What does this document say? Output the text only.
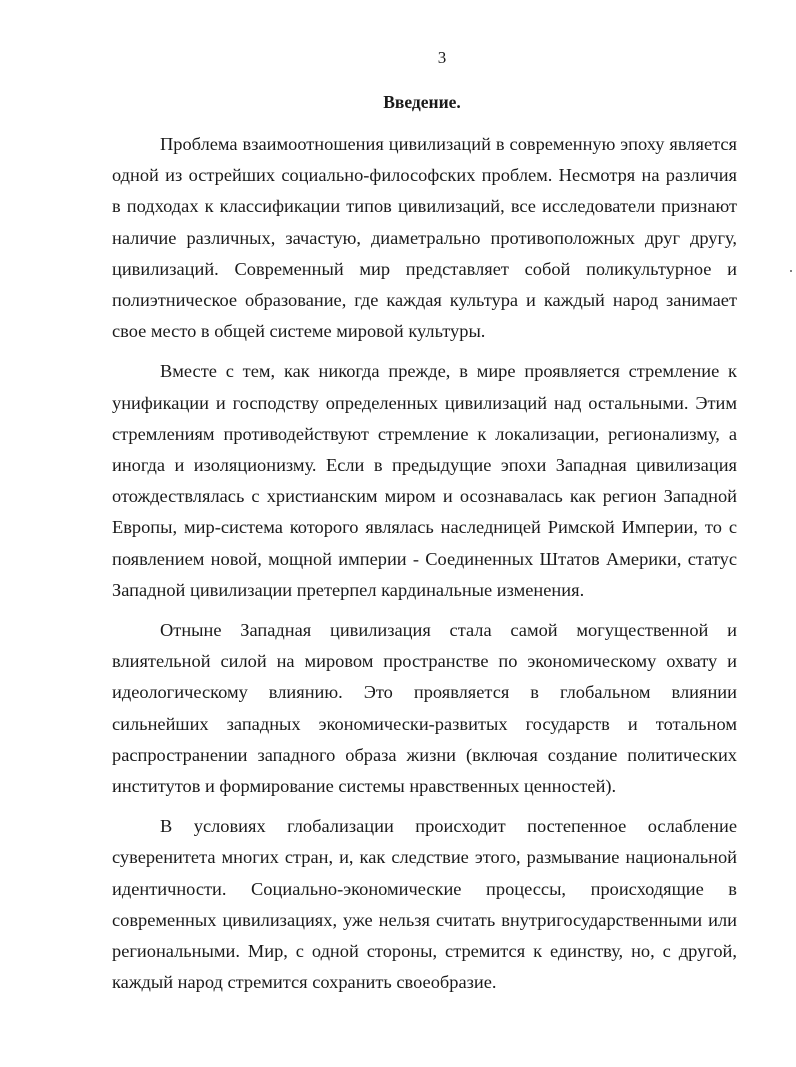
3
Введение.

Проблема взаимоотношения цивилизаций в современную эпоху является одной из острейших социально-философских проблем. Несмотря на различия в подходах к классификации типов цивилизаций, все исследователи признают наличие различных, зачастую, диаметрально противоположных друг другу, цивилизаций. Современный мир представляет собой поликультурное и полиэтническое образование, где каждая культура и каждый народ занимает свое место в общей системе мировой культуры.

Вместе с тем, как никогда прежде, в мире проявляется стремление к унификации и господству определенных цивилизаций над остальными. Этим стремлениям противодействуют стремление к локализации, регионализму, а иногда и изоляционизму. Если в предыдущие эпохи Западная цивилизация отождествлялась с христианским миром и осознавалась как регион Западной Европы, мир-система которого являлась наследницей Римской Империи, то с появлением новой, мощной империи - Соединенных Штатов Америки, статус Западной цивилизации претерпел кардинальные изменения.

Отныне Западная цивилизация стала самой могущественной и влиятельной силой на мировом пространстве по экономическому охвату и идеологическому влиянию. Это проявляется в глобальном влиянии сильнейших западных экономически-развитых государств и тотальном распространении западного образа жизни (включая создание политических институтов и формирование системы нравственных ценностей).

В условиях глобализации происходит постепенное ослабление суверенитета многих стран, и, как следствие этого, размывание национальной идентичности. Социально-экономические процессы, происходящие в современных цивилизациях, уже нельзя считать внутригосударственными или региональными. Мир, с одной стороны, стремится к единству, но, с другой, каждый народ стремится сохранить своеобразие.
